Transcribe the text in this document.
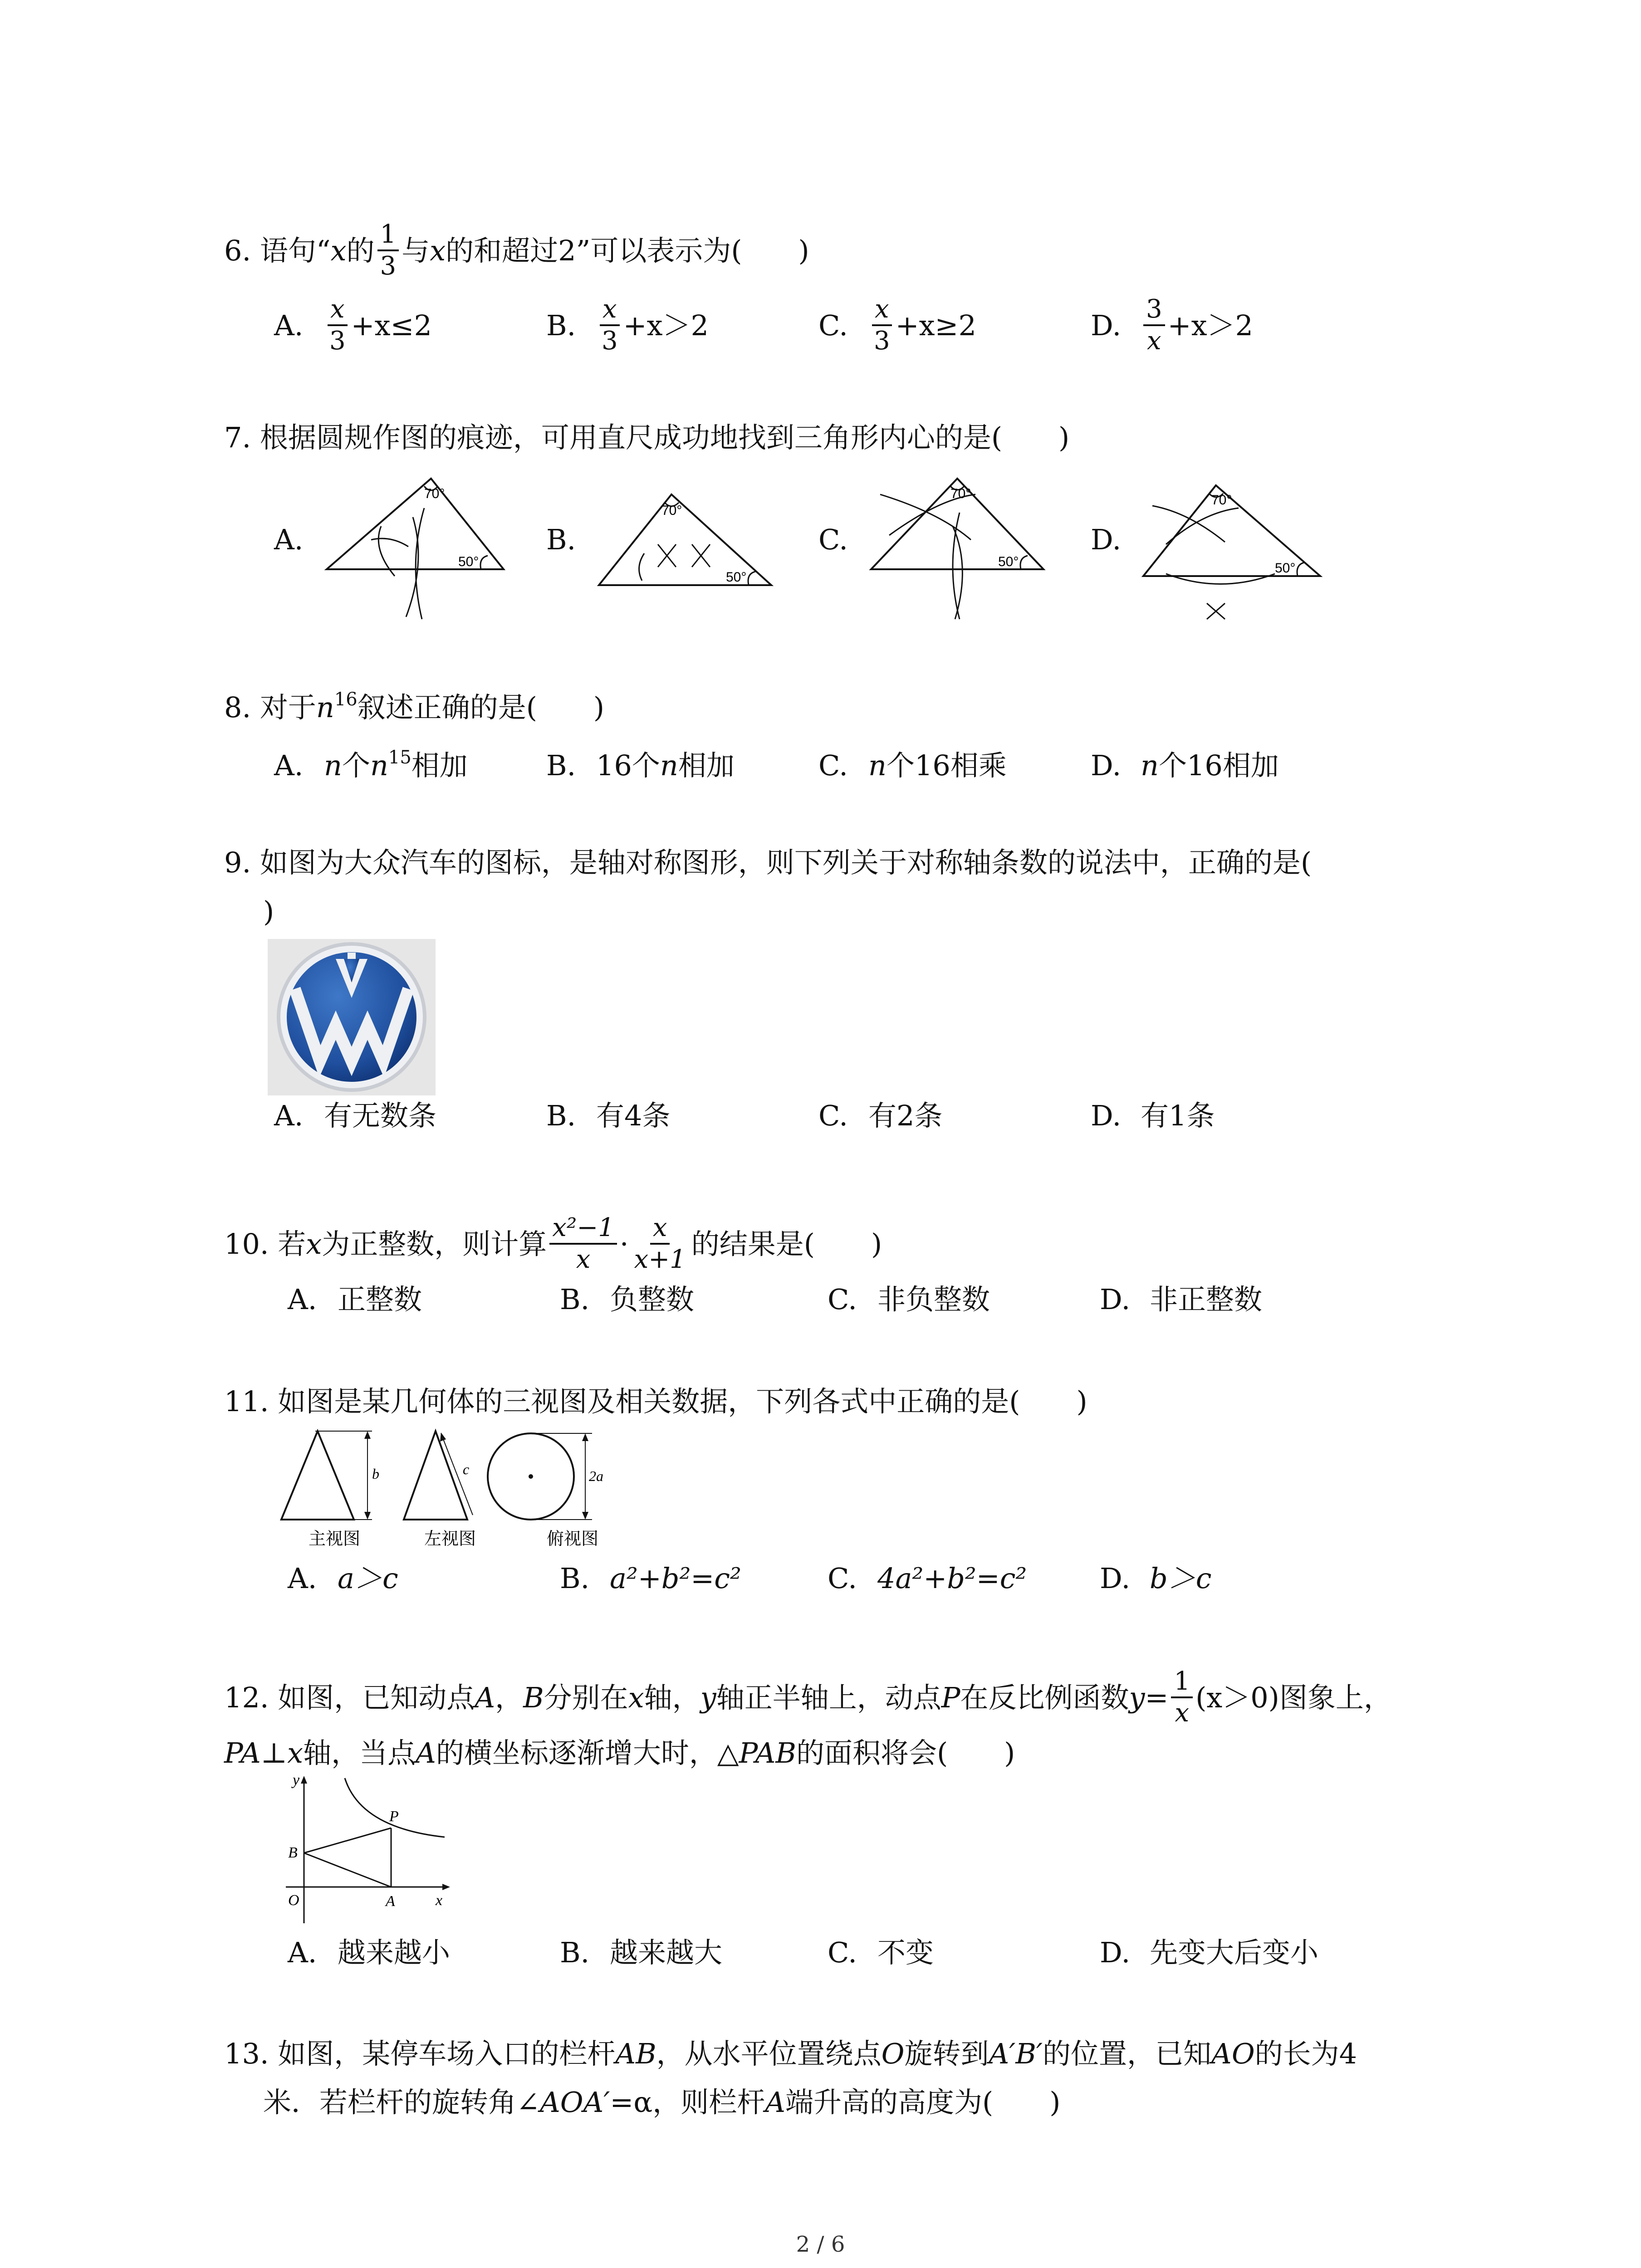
6. 语句“x的 $\frac{1}{3}$ 与x的和超过2”可以表示为(　　)
A. $\frac{x}{3} +x\le 2$	B. $\frac{x}{3} +x>2$	C. $\frac{x}{3} +x\ge 2$	D. $\frac{3}{x} +x>2$
7. 根据圆规作图的痕迹，可用直尺成功地找到三角形内心的是(　　)
A.	B.	C.	D.
70°
50°
70°
50°
70°
50°
70°
50°
8. 对于$n^{16}$叙述正确的是(　　)
A. n个$n^{15}$相加	B. 16个n相加	C. n个16相乘	D. n个16相加
9. 如图为大众汽车的图标，是轴对称图形，则下列关于对称轴条数的说法中，正确的是(
)
A. 有无数条	B. 有4条	C. 有2条	D. 有1条
10. 若x为正整数，则计算 $\frac{\text{x²−1}}{x} \cdot \frac{x}{x+1}$ 的结果是(　　)
A. 正整数	B. 负整数	C. 非负整数	D. 非正整数
11. 如图是某几何体的三视图及相关数据，下列各式中正确的是(　　)
b
主视图
c
左视图
2a
俯视图
A. a＞c	B. a²+b²=c²	C. 4a²+b²=c²	D. b＞c
12. 如图，已知动点A，B分别在x轴，y轴正半轴上，动点P在反比例函数$y= \frac{1}{x} (x>0)$图象上，
PA⊥x轴，当点A的横坐标逐渐增大时，△PAB的面积将会(　　)
y
x
O	A
B
P
A. 越来越小	B. 越来越大	C. 不变	D. 先变大后变小
13. 如图，某停车场入口的栏杆AB，从水平位置绕点O旋转到A′B′的位置，已知AO的长为4
米．若栏杆的旋转角∠AOA′=α，则栏杆A端升高的高度为(　　)
2 / 6
